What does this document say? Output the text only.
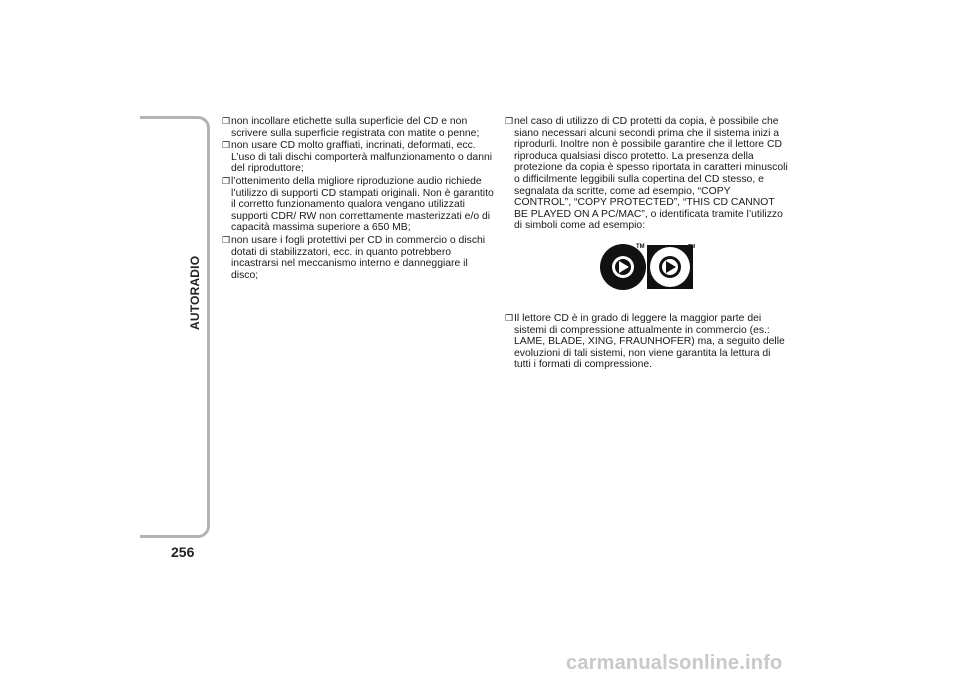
AUTORADIO
256
❒ non incollare etichette sulla superficie del CD e non scrivere sulla superficie registrata con matite o penne;
❒ non usare CD molto graffiati, incrinati, deformati, ecc. L’uso di tali dischi comporterà malfunzionamento o danni del riproduttore;
❒ l’ottenimento della migliore riproduzione audio richiede l’utilizzo di supporti CD stampati originali. Non è garantito il corretto funzionamento qualora vengano utilizzati supporti CDR/ RW non correttamente masterizzati e/o di capacità massima superiore a 650 MB;
❒ non usare i fogli protettivi per CD in commercio o dischi dotati di stabilizzatori, ecc. in quanto potrebbero incastrarsi nel meccanismo interno e danneggiare il disco;
❒ nel caso di utilizzo di CD protetti da copia, è possibile che siano necessari alcuni secondi prima che il sistema inizi a riprodurli. Inoltre non è possibile garantire che il lettore CD riproduca qualsiasi disco protetto. La presenza della protezione da copia è spesso riportata in caratteri minuscoli o difficilmente leggibili sulla copertina del CD stesso, e segnalata da scritte, come ad esempio, “COPY CONTROL”, “COPY PROTECTED”, “THIS CD CANNOT BE PLAYED ON A PC/MAC”, o identificata tramite l’utilizzo di simboli come ad esempio:
TM	TM
❒ Il lettore CD è in grado di leggere la maggior parte dei sistemi di compressione attualmente in commercio (es.: LAME, BLADE, XING, FRAUNHOFER) ma, a seguito delle evoluzioni di tali sistemi, non viene garantita la lettura di tutti i formati di compressione.
carmanualsonline.info
